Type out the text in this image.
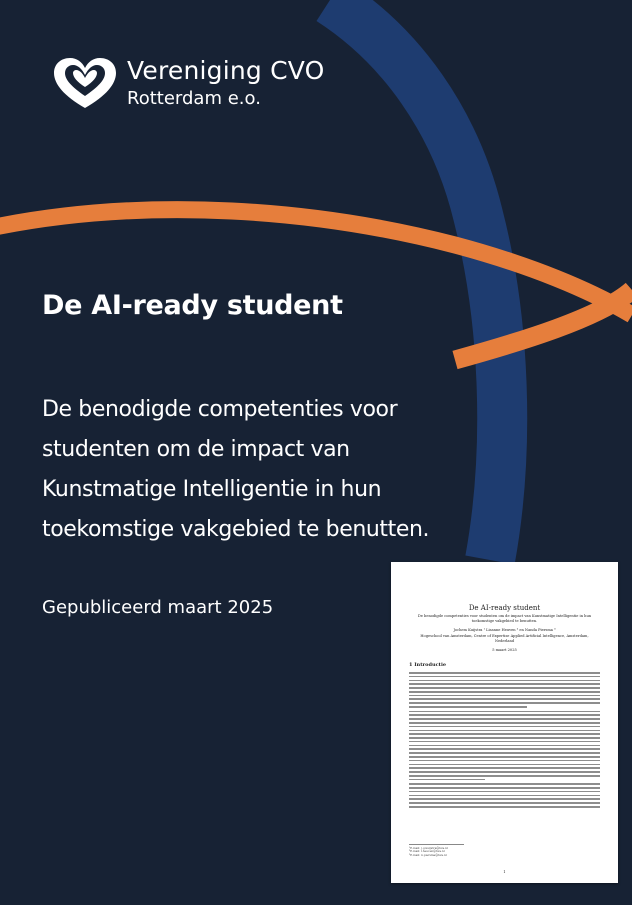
Vereniging CVO
Rotterdam e.o.
De AI-ready student

De benodigde competenties voor
studenten om de impact van
Kunstmatige Intelligentie in hun
toekomstige vakgebied te benutten.

Gepubliceerd maart 2025	De AI-ready student
De benodigde competenties voor studenten om de impact van Kunstmatige Intelligentie in hun toekomstige vakgebied te benutten.
Jochem Kuijstra ¹ Lisanne Heuven ² en Nanda Piersma ³
Hogeschool van Amsterdam, Centre of Expertise Applied Artificial Intelligence, Amsterdam, Nederland
5 maart 2025
1 Introductie
¹E-mail: j.g.kuijstra@hva.nl
²E-mail: l.heuven@hva.nl
³E-mail: n.piersma@hva.nl
1
